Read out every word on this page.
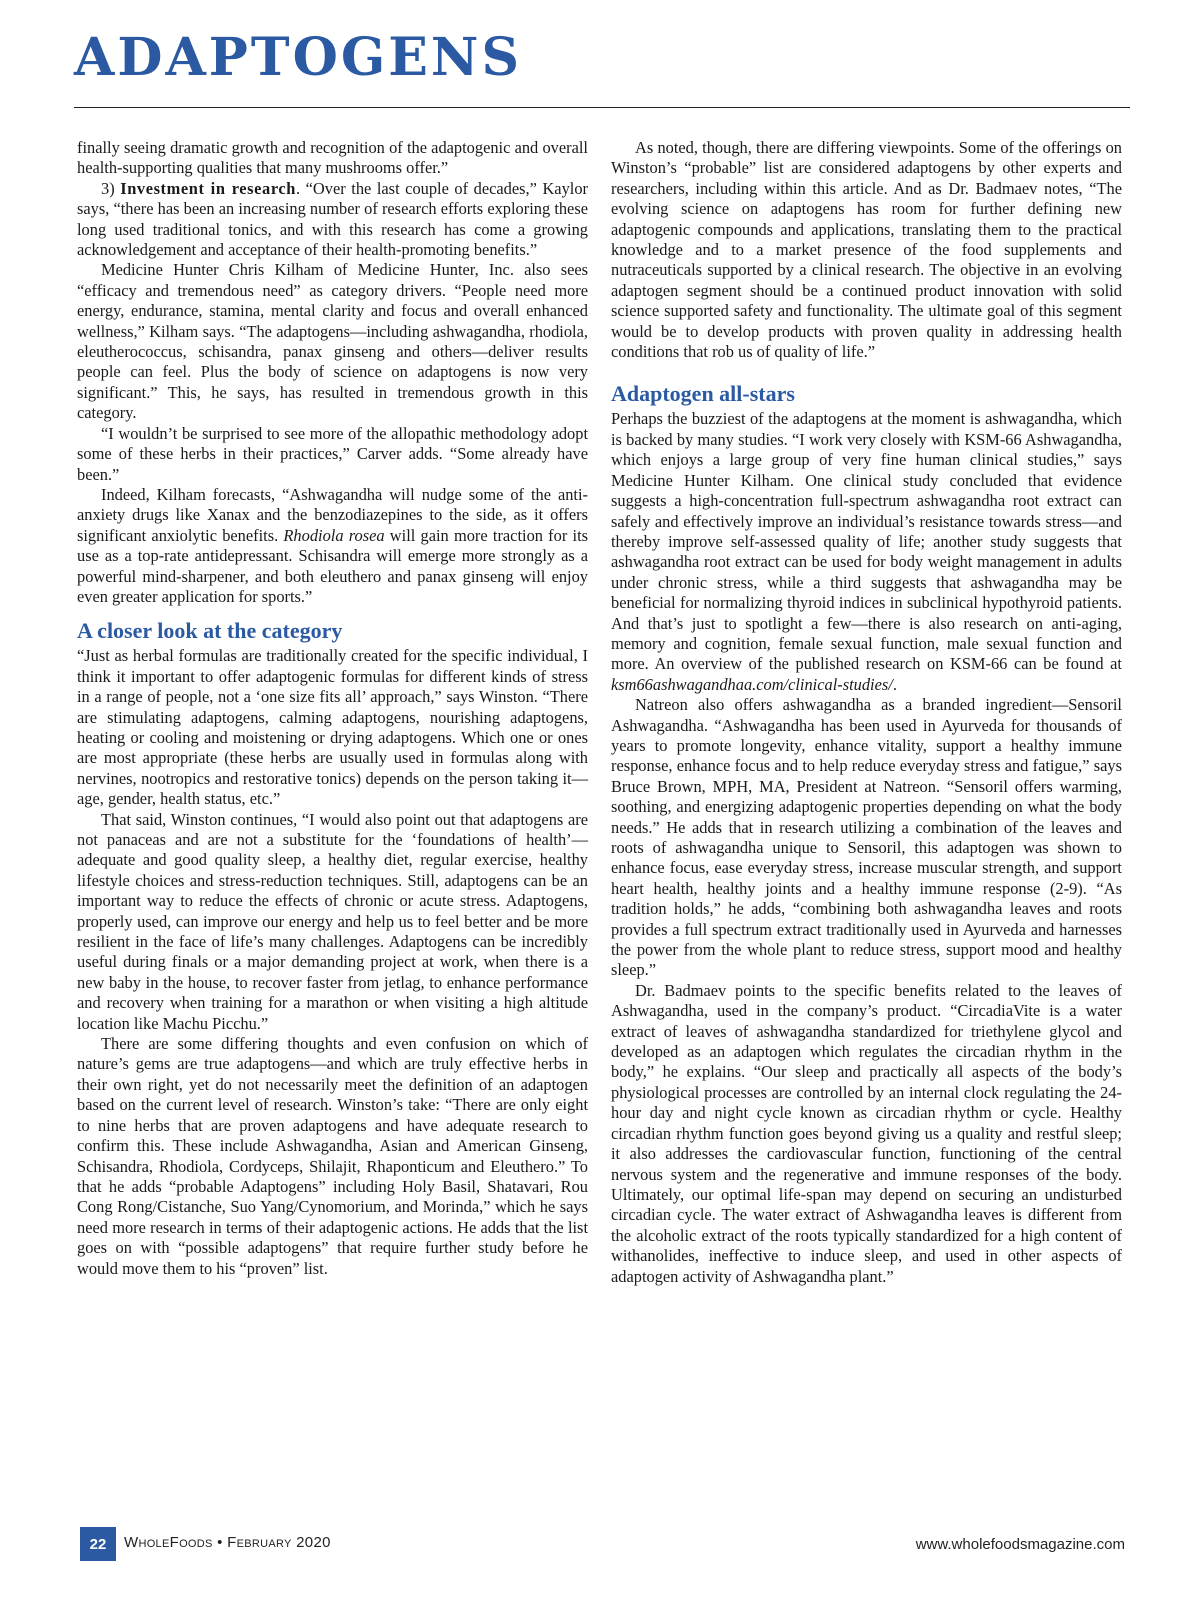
ADAPTOGENS

finally seeing dramatic growth and recognition of the adaptogenic and overall health-supporting qualities that many mushrooms offer.”

3) Investment in research. “Over the last couple of decades,” Kaylor says, “there has been an increasing number of research efforts exploring these long used traditional tonics, and with this research has come a growing acknowledgement and acceptance of their health-promoting benefits.”

Medicine Hunter Chris Kilham of Medicine Hunter, Inc. also sees “efficacy and tremendous need” as category drivers. “People need more energy, endurance, stamina, mental clarity and focus and overall enhanced wellness,” Kilham says. “The adaptogens—including ashwagandha, rhodiola, eleutherococcus, schisandra, panax ginseng and others—deliver results people can feel. Plus the body of science on adaptogens is now very significant.” This, he says, has resulted in tremendous growth in this category.

“I wouldn’t be surprised to see more of the allopathic methodology adopt some of these herbs in their practices,” Carver adds. “Some already have been.”

Indeed, Kilham forecasts, “Ashwagandha will nudge some of the anti-anxiety drugs like Xanax and the benzodiazepines to the side, as it offers significant anxiolytic benefits. Rhodiola rosea will gain more traction for its use as a top-rate antidepressant. Schisandra will emerge more strongly as a powerful mind-sharpener, and both eleuthero and panax ginseng will enjoy even greater application for sports.”

A closer look at the category

“Just as herbal formulas are traditionally created for the specific individual, I think it important to offer adaptogenic formulas for different kinds of stress in a range of people, not a ‘one size fits all’ approach,” says Winston. “There are stimulating adaptogens, calming adaptogens, nourishing adaptogens, heating or cooling and moistening or drying adaptogens. Which one or ones are most appropriate (these herbs are usually used in formulas along with nervines, nootropics and restorative tonics) depends on the person taking it—age, gender, health status, etc.”

That said, Winston continues, “I would also point out that adaptogens are not panaceas and are not a substitute for the ‘foundations of health’—adequate and good quality sleep, a healthy diet, regular exercise, healthy lifestyle choices and stress-reduction techniques. Still, adaptogens can be an important way to reduce the effects of chronic or acute stress. Adaptogens, properly used, can improve our energy and help us to feel better and be more resilient in the face of life’s many challenges. Adaptogens can be incredibly useful during finals or a major demanding project at work, when there is a new baby in the house, to recover faster from jetlag, to enhance performance and recovery when training for a marathon or when visiting a high altitude location like Machu Picchu.”

There are some differing thoughts and even confusion on which of nature’s gems are true adaptogens—and which are truly effective herbs in their own right, yet do not necessarily meet the definition of an adaptogen based on the current level of research. Winston’s take: “There are only eight to nine herbs that are proven adaptogens and have adequate research to confirm this. These include Ashwagandha, Asian and American Ginseng, Schisandra, Rhodiola, Cordyceps, Shilajit, Rhaponticum and Eleuthero.” To that he adds “probable Adaptogens” including Holy Basil, Shatavari, Rou Cong Rong/Cistanche, Suo Yang/Cynomorium, and Morinda,” which he says need more research in terms of their adaptogenic actions. He adds that the list goes on with “possible adaptogens” that require further study before he would move them to his “proven” list.

As noted, though, there are differing viewpoints. Some of the offerings on Winston’s “probable” list are considered adaptogens by other experts and researchers, including within this article. And as Dr. Badmaev notes, “The evolving science on adaptogens has room for further defining new adaptogenic compounds and applications, translating them to the practical knowledge and to a market presence of the food supplements and nutraceuticals supported by a clinical research. The objective in an evolving adaptogen segment should be a continued product innovation with solid science supported safety and functionality. The ultimate goal of this segment would be to develop products with proven quality in addressing health conditions that rob us of quality of life.”

Adaptogen all-stars

Perhaps the buzziest of the adaptogens at the moment is ashwagandha, which is backed by many studies. “I work very closely with KSM-66 Ashwagandha, which enjoys a large group of very fine human clinical studies,” says Medicine Hunter Kilham. One clinical study concluded that evidence suggests a high-concentration full-spectrum ashwagandha root extract can safely and effectively improve an individual’s resistance towards stress—and thereby improve self-assessed quality of life; another study suggests that ashwagandha root extract can be used for body weight management in adults under chronic stress, while a third suggests that ashwagandha may be beneficial for normalizing thyroid indices in subclinical hypothyroid patients. And that’s just to spotlight a few—there is also research on anti-aging, memory and cognition, female sexual function, male sexual function and more. An overview of the published research on KSM-66 can be found at ksm66ashwagandhaa.com/clinical-studies/.

Natreon also offers ashwagandha as a branded ingredient—Sensoril Ashwagandha. “Ashwagandha has been used in Ayurveda for thousands of years to promote longevity, enhance vitality, support a healthy immune response, enhance focus and to help reduce everyday stress and fatigue,” says Bruce Brown, MPH, MA, President at Natreon. “Sensoril offers warming, soothing, and energizing adaptogenic properties depending on what the body needs.” He adds that in research utilizing a combination of the leaves and roots of ashwagandha unique to Sensoril, this adaptogen was shown to enhance focus, ease everyday stress, increase muscular strength, and support heart health, healthy joints and a healthy immune response (2-9). “As tradition holds,” he adds, “combining both ashwagandha leaves and roots provides a full spectrum extract traditionally used in Ayurveda and harnesses the power from the whole plant to reduce stress, support mood and healthy sleep.”

Dr. Badmaev points to the specific benefits related to the leaves of Ashwagandha, used in the company’s product. “CircadiaVite is a water extract of leaves of ashwagandha standardized for triethylene glycol and developed as an adaptogen which regulates the circadian rhythm in the body,” he explains. “Our sleep and practically all aspects of the body’s physiological processes are controlled by an internal clock regulating the 24-hour day and night cycle known as circadian rhythm or cycle. Healthy circadian rhythm function goes beyond giving us a quality and restful sleep; it also addresses the cardiovascular function, functioning of the central nervous system and the regenerative and immune responses of the body. Ultimately, our optimal life-span may depend on securing an undisturbed circadian cycle. The water extract of Ashwagandha leaves is different from the alcoholic extract of the roots typically standardized for a high content of withanolides, ineffective to induce sleep, and used in other aspects of adaptogen activity of Ashwagandha plant.”

22	WholeFoods • February 2020	www.wholefoodsmagazine.com
